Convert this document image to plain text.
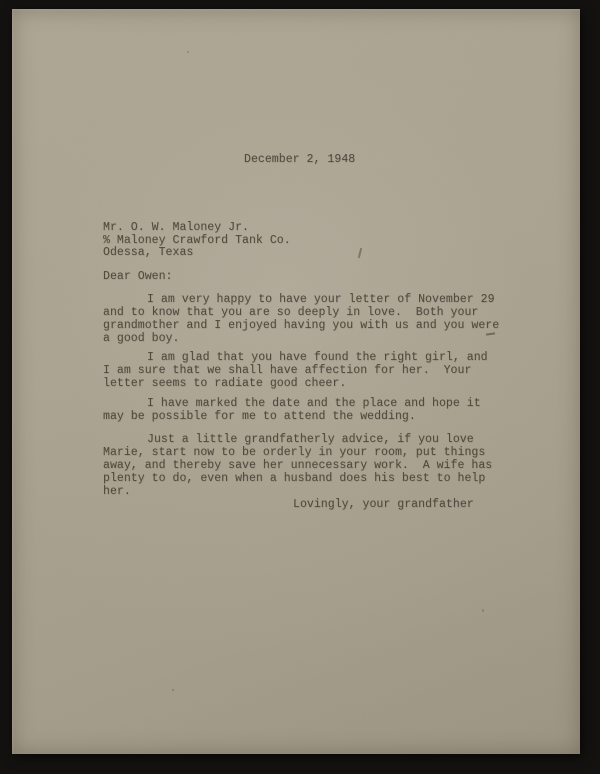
December 2, 1948
Mr. O. W. Maloney Jr.
% Maloney Crawford Tank Co.
Odessa, Texas
Dear Owen:
I am very happy to have your letter of November 29
and to know that you are so deeply in love.  Both your
grandmother and I enjoyed having you with us and you were
a good boy.
I am glad that you have found the right girl, and
I am sure that we shall have affection for her.  Your
letter seems to radiate good cheer.
I have marked the date and the place and hope it
may be possible for me to attend the wedding.
Just a little grandfatherly advice, if you love
Marie, start now to be orderly in your room, put things
away, and thereby save her unnecessary work.  A wife has
plenty to do, even when a husband does his best to help
her.
Lovingly, your grandfather
